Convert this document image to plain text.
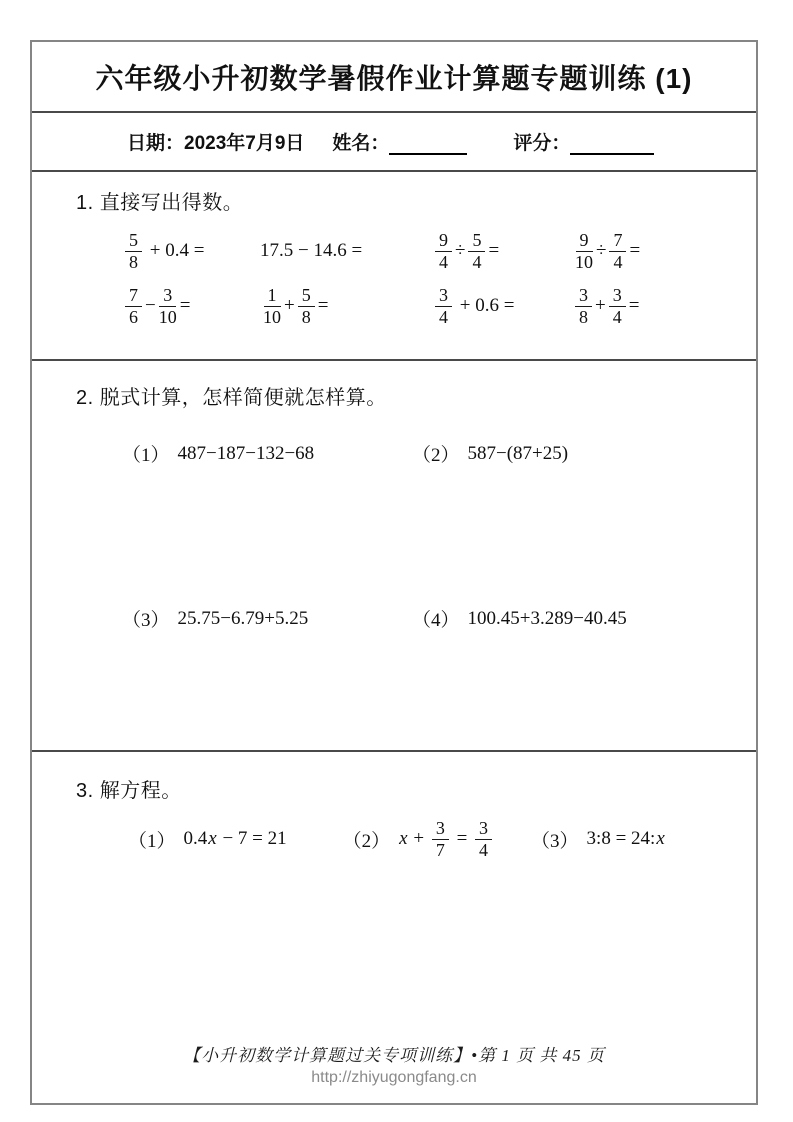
六年级小升初数学暑假作业计算题专题训练 (1)
日期：2023年7月9日 姓名：	评分：
1. 直接写出得数。
$\frac{5}{8} + 0.4$ =	17.5 − 14.6 =	$\frac{9}{4} \div \frac{5}{4}$ =	$\frac{9}{10} \div \frac{7}{4}$ =
$\frac{7}{6} - \frac{3}{10}$ =	$\frac{1}{10} + \frac{5}{8}$ =	$\frac{3}{4} + 0.6$ =	$\frac{3}{8} + \frac{3}{4}$ =
2. 脱式计算，怎样简便就怎样算。
（1） 487−187−132−68	（2） 587−(87+25)
（3） 25.75−6.79+5.25	（4） 100.45+3.289−40.45
3. 解方程。
（1） 0.4 x − 7 = 21	（2） $x + \frac{3}{7} = \frac{3}{4} (3)$ 3:8 = 24: x
【小升初数学计算题过关专项训练】•第 1 页 共 45 页
http://zhiyugongfang.cn
